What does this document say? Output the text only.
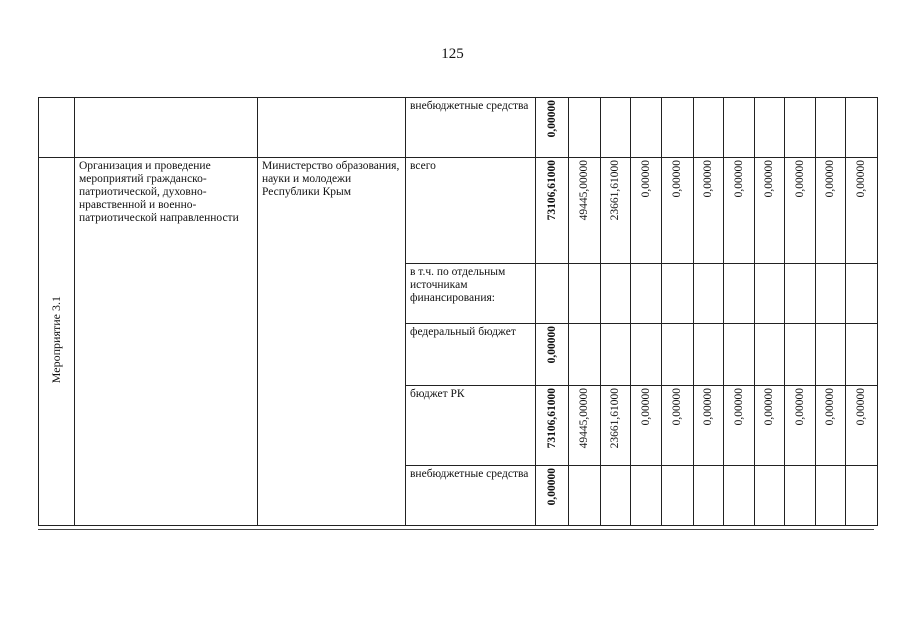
125
			внебюджетные средства	0,00000										
Мероприятие 3.1	Организация и проведение мероприятий гражданско-патриотической, духовно-нравственной и военно-патриотической направленности	Министерство образования, науки и молодежи Республики Крым	всего	73106,61000	49445,00000	23661,61000	0,00000	0,00000	0,00000	0,00000	0,00000	0,00000	0,00000	0,00000
			в т.ч. по отдельным источникам финансирования:											
			федеральный бюджет	0,00000										
			бюджет РК	73106,61000	49445,00000	23661,61000	0,00000	0,00000	0,00000	0,00000	0,00000	0,00000	0,00000	0,00000
			внебюджетные средства	0,00000										
